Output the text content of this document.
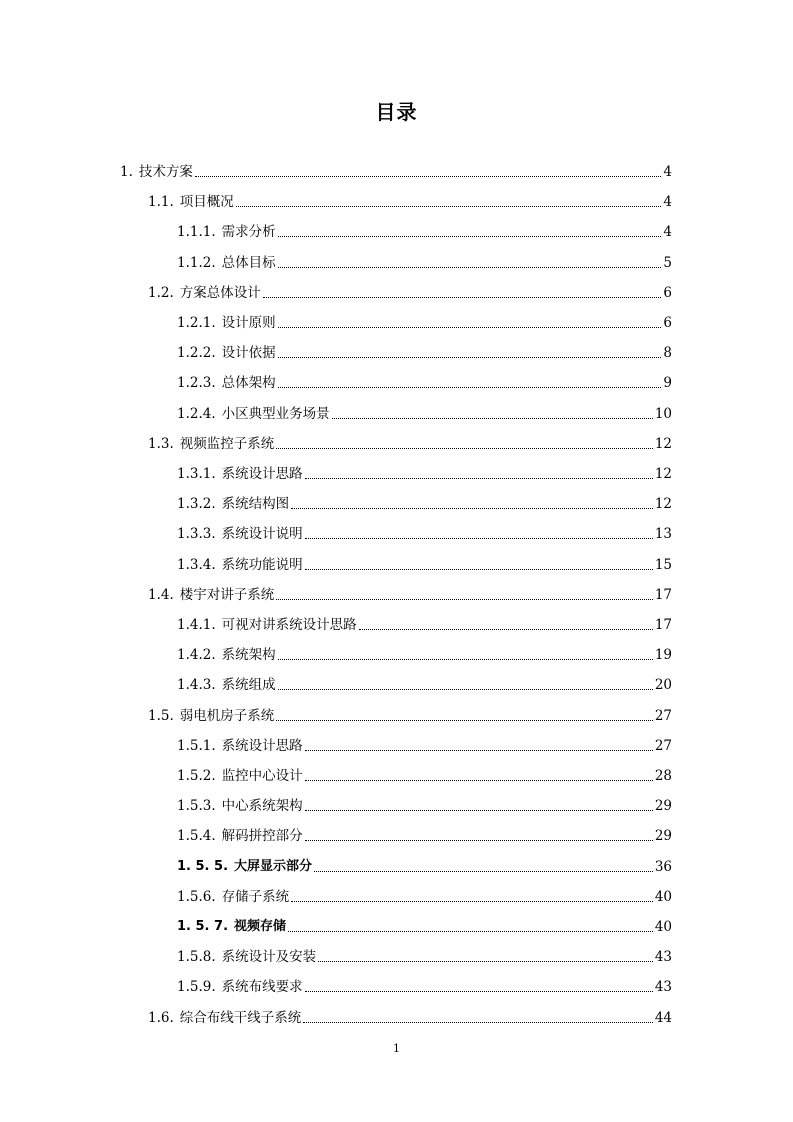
目录
1. 技术方案	4
1.1. 项目概况	4
1.1.1. 需求分析	4
1.1.2. 总体目标	5
1.2. 方案总体设计	6
1.2.1. 设计原则	6
1.2.2. 设计依据	8
1.2.3. 总体架构	9
1.2.4. 小区典型业务场景	10
1.3. 视频监控子系统	12
1.3.1. 系统设计思路	12
1.3.2. 系统结构图	12
1.3.3. 系统设计说明	13
1.3.4. 系统功能说明	15
1.4. 楼宇对讲子系统	17
1.4.1. 可视对讲系统设计思路	17
1.4.2. 系统架构	19
1.4.3. 系统组成	20
1.5. 弱电机房子系统	27
1.5.1. 系统设计思路	27
1.5.2. 监控中心设计	28
1.5.3. 中心系统架构	29
1.5.4. 解码拼控部分	29
1. 5. 5. 大屏显示部分	36
1.5.6. 存储子系统	40
1. 5. 7. 视频存储	40
1.5.8. 系统设计及安装	43
1.5.9. 系统布线要求	43
1.6. 综合布线干线子系统	44
1
